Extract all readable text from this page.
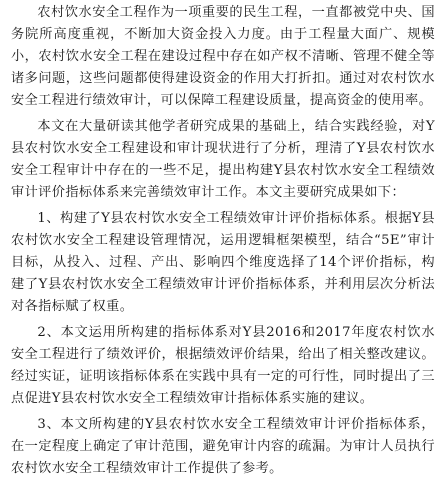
农村饮水安全工程作为一项重要的民生工程，一直都被党中央、国务院所高度重视，不断加大资金投入力度。由于工程量大面广、规模小，农村饮水安全工程在建设过程中存在如产权不清晰、管理不健全等诸多问题，这些问题都使得建设资金的作用大打折扣。通过对农村饮水安全工程进行绩效审计，可以保障工程建设质量，提高资金的使用率。

本文在大量研读其他学者研究成果的基础上，结合实践经验，对Y县农村饮水安全工程建设和审计现状进行了分析，理清了Y县农村饮水安全工程审计中存在的一些不足，提出构建Y县农村饮水安全工程绩效审计评价指标体系来完善绩效审计工作。本文主要研究成果如下：

1、构建了Y县农村饮水安全工程绩效审计评价指标体系。根据Y县农村饮水安全工程建设管理情况，运用逻辑框架模型，结合“5E”审计目标，从投入、过程、产出、影响四个维度选择了14个评价指标，构建了Y县农村饮水安全工程绩效审计评价指标体系，并利用层次分析法对各指标赋了权重。

2、本文运用所构建的指标体系对Y县2016和2017年度农村饮水安全工程进行了绩效评价，根据绩效评价结果，给出了相关整改建议。经过实证，证明该指标体系在实践中具有一定的可行性，同时提出了三点促进Y县农村饮水安全工程绩效审计指标体系实施的建议。

3、本文所构建的Y县农村饮水安全工程绩效审计评价指标体系，在一定程度上确定了审计范围，避免审计内容的疏漏。为审计人员执行农村饮水安全工程绩效审计工作提供了参考。
